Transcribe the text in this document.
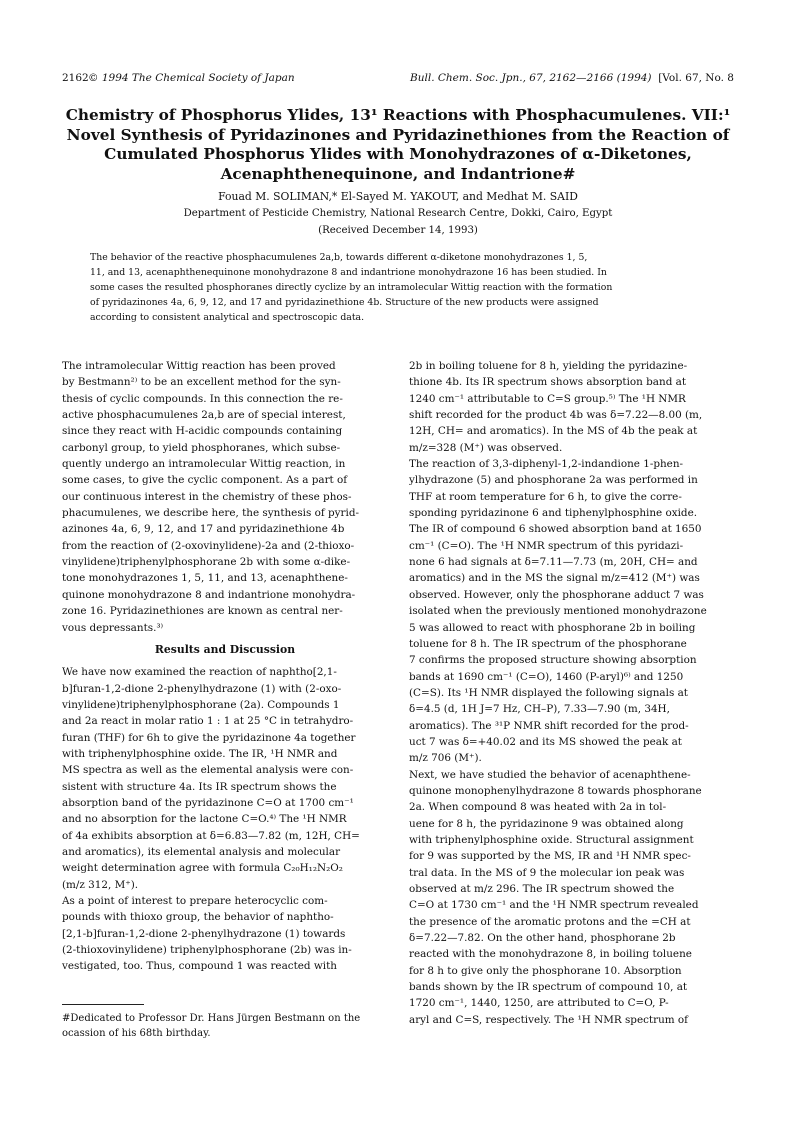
2162 © 1994 The Chemical Society of Japan	Bull. Chem. Soc. Jpn., 67, 2162—2166 (1994) [Vol. 67, No. 8
Chemistry of Phosphorus Ylides, 13¹ Reactions with Phosphacumulenes. VII:¹
Novel Synthesis of Pyridazinones and Pyridazinethiones from the Reaction of
Cumulated Phosphorus Ylides with Monohydrazones of α-Diketones,
Acenaphthenequinone, and Indantrione#
Fouad M. SOLIMAN,* El-Sayed M. YAKOUT, and Medhat M. SAID
Department of Pesticide Chemistry, National Research Centre, Dokki, Cairo, Egypt
(Received December 14, 1993)
The behavior of the reactive phosphacumulenes 2a,b, towards different α-diketone monohydrazones 1, 5,
11, and 13, acenaphthenequinone monohydrazone 8 and indantrione monohydrazone 16 has been studied. In
some cases the resulted phosphoranes directly cyclize by an intramolecular Wittig reaction with the formation
of pyridazinones 4a, 6, 9, 12, and 17 and pyridazinethione 4b. Structure of the new products were assigned
according to consistent analytical and spectroscopic data.
The intramolecular Wittig reaction has been proved
by Bestmann²⁾ to be an excellent method for the syn-
thesis of cyclic compounds. In this connection the re-
active phosphacumulenes 2a,b are of special interest,
since they react with H-acidic compounds containing
carbonyl group, to yield phosphoranes, which subse-
quently undergo an intramolecular Wittig reaction, in
some cases, to give the cyclic component. As a part of
our continuous interest in the chemistry of these phos-
phacumulenes, we describe here, the synthesis of pyrid-
azinones 4a, 6, 9, 12, and 17 and pyridazinethione 4b
from the reaction of (2-oxovinylidene)-2a and (2-thioxo-
vinylidene)triphenylphosphorane 2b with some α-dike-
tone monohydrazones 1, 5, 11, and 13, acenaphthene-
quinone monohydrazone 8 and indantrione monohydra-
zone 16. Pyridazinethiones are known as central ner-
vous depressants.³⁾
Results and Discussion
We have now examined the reaction of naphtho[2,1-
b]furan-1,2-dione 2-phenylhydrazone (1) with (2-oxo-
vinylidene)triphenylphosphorane (2a). Compounds 1
and 2a react in molar ratio 1 : 1 at 25 °C in tetrahydro-
furan (THF) for 6h to give the pyridazinone 4a together
with triphenylphosphine oxide. The IR, ¹H NMR and
MS spectra as well as the elemental analysis were con-
sistent with structure 4a. Its IR spectrum shows the
absorption band of the pyridazinone C=O at 1700 cm⁻¹
and no absorption for the lactone C=O.⁴⁾ The ¹H NMR
of 4a exhibits absorption at δ=6.83—7.82 (m, 12H, CH=
and aromatics), its elemental analysis and molecular
weight determination agree with formula C₂₀H₁₂N₂O₂
(m/z 312, M⁺).
As a point of interest to prepare heterocyclic com-
pounds with thioxo group, the behavior of naphtho-
[2,1-b]furan-1,2-dione 2-phenylhydrazone (1) towards
(2-thioxovinylidene) triphenylphosphorane (2b) was in-
vestigated, too. Thus, compound 1 was reacted with
2b in boiling toluene for 8 h, yielding the pyridazine-
thione 4b. Its IR spectrum shows absorption band at
1240 cm⁻¹ attributable to C=S group.⁵⁾ The ¹H NMR
shift recorded for the product 4b was δ=7.22—8.00 (m,
12H, CH= and aromatics). In the MS of 4b the peak at
m/z=328 (M⁺) was observed.
The reaction of 3,3-diphenyl-1,2-indandione 1-phen-
ylhydrazone (5) and phosphorane 2a was performed in
THF at room temperature for 6 h, to give the corre-
sponding pyridazinone 6 and tiphenylphosphine oxide.
The IR of compound 6 showed absorption band at 1650
cm⁻¹ (C=O). The ¹H NMR spectrum of this pyridazi-
none 6 had signals at δ=7.11—7.73 (m, 20H, CH= and
aromatics) and in the MS the signal m/z=412 (M⁺) was
observed. However, only the phosphorane adduct 7 was
isolated when the previously mentioned monohydrazone
5 was allowed to react with phosphorane 2b in boiling
toluene for 8 h. The IR spectrum of the phosphorane
7 confirms the proposed structure showing absorption
bands at 1690 cm⁻¹ (C=O), 1460 (P-aryl)⁶⁾ and 1250
(C=S). Its ¹H NMR displayed the following signals at
δ=4.5 (d, 1H J=7 Hz, CH–P), 7.33—7.90 (m, 34H,
aromatics). The ³¹P NMR shift recorded for the prod-
uct 7 was δ=+40.02 and its MS showed the peak at
m/z 706 (M⁺).
Next, we have studied the behavior of acenaphthene-
quinone monophenylhydrazone 8 towards phosphorane
2a. When compound 8 was heated with 2a in tol-
uene for 8 h, the pyridazinone 9 was obtained along
with triphenylphosphine oxide. Structural assignment
for 9 was supported by the MS, IR and ¹H NMR spec-
tral data. In the MS of 9 the molecular ion peak was
observed at m/z 296. The IR spectrum showed the
C=O at 1730 cm⁻¹ and the ¹H NMR spectrum revealed
the presence of the aromatic protons and the =CH at
δ=7.22—7.82. On the other hand, phosphorane 2b
reacted with the monohydrazone 8, in boiling toluene
for 8 h to give only the phosphorane 10. Absorption
bands shown by the IR spectrum of compound 10, at
1720 cm⁻¹, 1440, 1250, are attributed to C=O, P-
aryl and C=S, respectively. The ¹H NMR spectrum of
#Dedicated to Professor Dr. Hans Jürgen Bestmann on the
ocassion of his 68th birthday.
